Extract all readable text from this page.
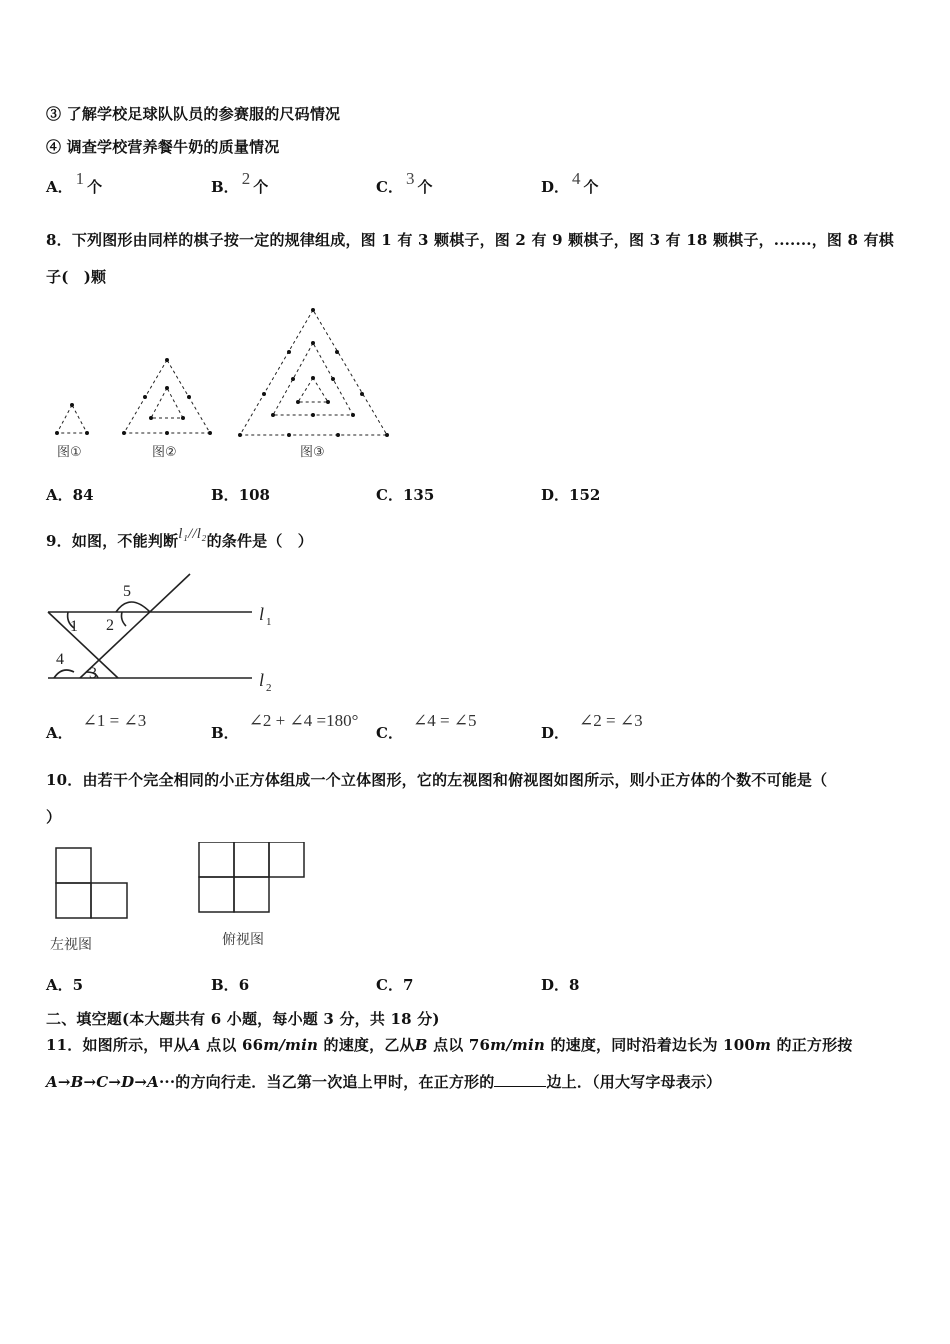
③ 了解学校足球队队员的参赛服的尺码情况
④ 调查学校营养餐牛奶的质量情况
A． 1 个	B． 2 个	C． 3 个	D． 4 个
8．下列图形由同样的棋子按一定的规律组成，图 1 有 3 颗棋子，图 2 有 9 颗棋子，图 3 有 18 颗棋子，.......，图 8 有棋
子(　)颗
图①	图②	图③
A．84	B．108	C．135	D．152
9．如图，不能判断l₁//l₂的条件是（　）
1 2
3
4
5
l 1
l 2
A．∠1 = ∠3
B．∠2 + ∠4 =180°
C．∠4 = ∠5
D．∠2 = ∠3
10．由若干个完全相同的小正方体组成一个立体图形，它的左视图和俯视图如图所示，则小正方体的个数不可能是（
）
左视图	俯视图
A．5	B．6	C．7	D．8
二、填空题(本大题共有 6 小题，每小题 3 分，共 18 分)
11．如图所示，甲从A 点以 66m/min 的速度，乙从B 点以 76m/min 的速度，同时沿着边长为 100m 的正方形按
A→B→C→D→A···的方向行走．当乙第一次追上甲时，在正方形的	边上．（用大写字母表示）
